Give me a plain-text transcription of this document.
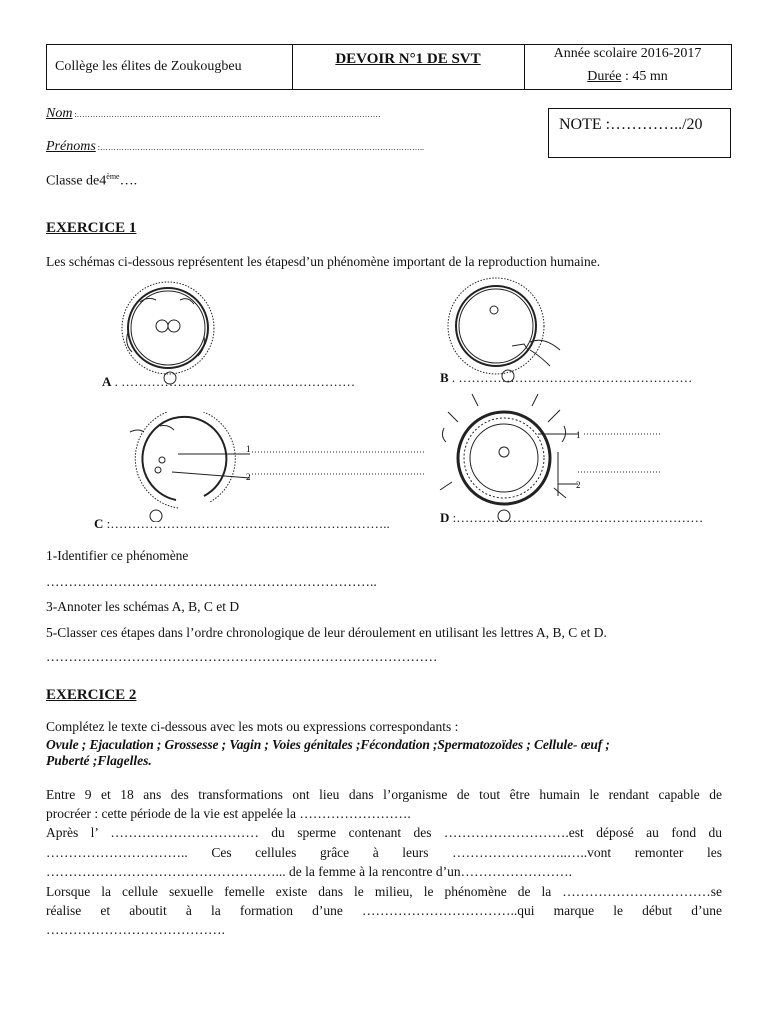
Collège les élites de Zoukougbeu	DEVOIR N°1 DE SVT	Année scolaire 2016-2017
Durée : 45 mn
Nom :……………………………………………………………………………………………………
Prénoms :…………………………………………………………………………………………………………..
Classe de4ème….
NOTE :…………../20
EXERCICE 1
Les schémas ci-dessous représentent les étapesd’un phénomène important de la reproduction humaine.
A . ………………………………………………	B . ………………………………………………
1
2
C :………………………………………………………..
1
2
D :…………………………………………………
1-Identifier ce phénomène
………………………………………………………………..
3-Annoter les schémas A, B, C et D
5-Classer ces étapes dans l’ordre chronologique de leur déroulement en utilisant les lettres A, B, C et D.
……………………………………………………………………………
EXERCICE 2
Complétez le texte ci-dessous avec les mots ou expressions correspondants :
Ovule ; Ejaculation ; Grossesse ; Vagin ; Voies génitales ;Fécondation ;Spermatozoïdes ; Cellule- œuf ;
Puberté ;Flagelles.
Entre 9 et 18 ans des transformations ont lieu dans l’organisme de tout être humain le rendant capable de
procréer : cette période de la vie est appelée la …………………….
Après l’ …………………………… du sperme contenant des ……………………….est déposé au fond du
………………………….. Ces cellules grâce à leurs ……………………..…..vont remonter les
……………………………………………... de la femme à la rencontre d’un…………………….
Lorsque la cellule sexuelle femelle existe dans le milieu, le phénomène de la ……………………………se
réalise et aboutit à la formation d’une ……………………………..qui marque le début d’une
………………………………….
